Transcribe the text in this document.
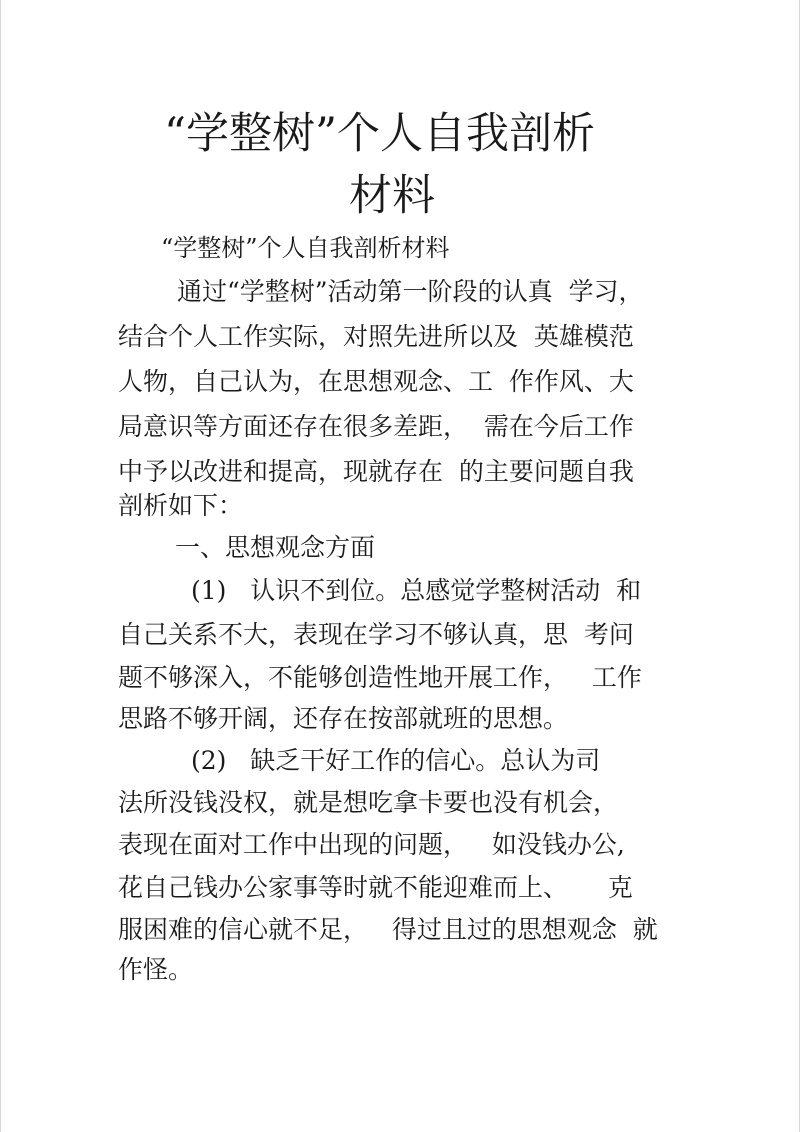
“学整树”个人自我剖析
材料
“学整树”个人自我剖析材料
通过“学整树”活动第一阶段的认真  学习，
结合个人工作实际，对照先进所以及  英雄模范
人物，自己认为，在思想观念、工  作作风、大
局意识等方面还存在很多差距，  需在今后工作
中予以改进和提高，现就存在  的主要问题自我
剖析如下：
一、思想观念方面
(1)   认识不到位。总感觉学整树活动  和
自己关系不大，表现在学习不够认真，思  考问
题不够深入，不能够创造性地开展工作，   工作
思路不够开阔，还存在按部就班的思想。
(2)   缺乏干好工作的信心。总认为司
法所没钱没权，就是想吃拿卡要也没有机会，
表现在面对工作中出现的问题，   如没钱办公,
花自己钱办公家事等时就不能迎难而上、     克
服困难的信心就不足，   得过且过的思想观念  就
作怪。
